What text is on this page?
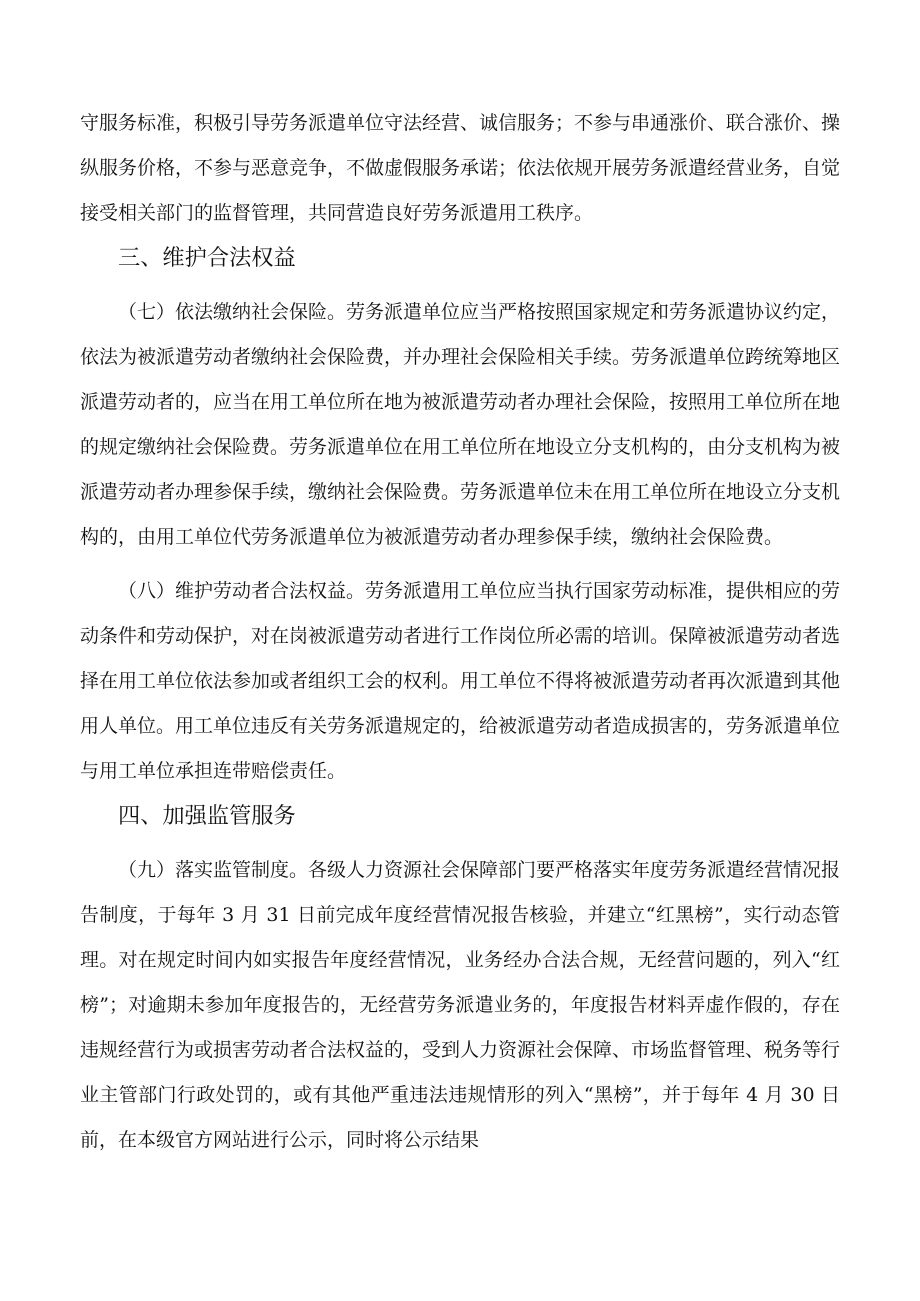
守服务标准，积极引导劳务派遣单位守法经营、诚信服务；不参与串通涨价、联合涨价、操纵服务价格，不参与恶意竞争，不做虚假服务承诺；依法依规开展劳务派遣经营业务，自觉接受相关部门的监督管理，共同营造良好劳务派遣用工秩序。

三、维护合法权益

（七）依法缴纳社会保险。劳务派遣单位应当严格按照国家规定和劳务派遣协议约定，依法为被派遣劳动者缴纳社会保险费，并办理社会保险相关手续。劳务派遣单位跨统筹地区派遣劳动者的，应当在用工单位所在地为被派遣劳动者办理社会保险，按照用工单位所在地的规定缴纳社会保险费。劳务派遣单位在用工单位所在地设立分支机构的，由分支机构为被派遣劳动者办理参保手续，缴纳社会保险费。劳务派遣单位未在用工单位所在地设立分支机构的，由用工单位代劳务派遣单位为被派遣劳动者办理参保手续，缴纳社会保险费。

（八）维护劳动者合法权益。劳务派遣用工单位应当执行国家劳动标准，提供相应的劳动条件和劳动保护，对在岗被派遣劳动者进行工作岗位所必需的培训。保障被派遣劳动者选择在用工单位依法参加或者组织工会的权利。用工单位不得将被派遣劳动者再次派遣到其他用人单位。用工单位违反有关劳务派遣规定的，给被派遣劳动者造成损害的，劳务派遣单位与用工单位承担连带赔偿责任。

四、加强监管服务

（九）落实监管制度。各级人力资源社会保障部门要严格落实年度劳务派遣经营情况报告制度，于每年 3 月 31 日前完成年度经营情况报告核验，并建立“红黑榜”，实行动态管理。对在规定时间内如实报告年度经营情况，业务经办合法合规，无经营问题的，列入“红榜”；对逾期未参加年度报告的，无经营劳务派遣业务的，年度报告材料弄虚作假的，存在违规经营行为或损害劳动者合法权益的，受到人力资源社会保障、市场监督管理、税务等行业主管部门行政处罚的，或有其他严重违法违规情形的列入“黑榜”，并于每年 4 月 30 日前，在本级官方网站进行公示，同时将公示结果
